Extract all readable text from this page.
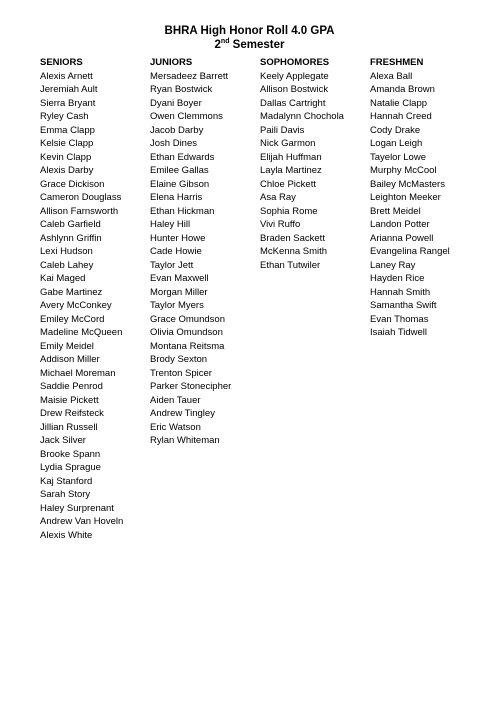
BHRA High Honor Roll 4.0 GPA
2nd Semester
SENIORS
Alexis Arnett
Jeremiah Ault
Sierra Bryant
Ryley Cash
Emma Clapp
Kelsie Clapp
Kevin Clapp
Alexis Darby
Grace Dickison
Cameron Douglass
Allison Farnsworth
Caleb Garfield
Ashlynn Griffin
Lexi Hudson
Caleb Lahey
Kai Maged
Gabe Martinez
Avery McConkey
Emiley McCord
Madeline McQueen
Emily Meidel
Addison Miller
Michael Moreman
Saddie Penrod
Maisie Pickett
Drew Reifsteck
Jillian Russell
Jack Silver
Brooke Spann
Lydia Sprague
Kaj Stanford
Sarah Story
Haley Surprenant
Andrew Van Hoveln
Alexis White
JUNIORS
Mersadeez Barrett
Ryan Bostwick
Dyani Boyer
Owen Clemmons
Jacob Darby
Josh Dines
Ethan Edwards
Emilee Gallas
Elaine Gibson
Elena Harris
Ethan Hickman
Haley Hill
Hunter Howe
Cade Howie
Taylor Jett
Evan Maxwell
Morgan Miller
Taylor Myers
Grace Omundson
Olivia Omundson
Montana Reitsma
Brody Sexton
Trenton Spicer
Parker Stonecipher
Aiden Tauer
Andrew Tingley
Eric Watson
Rylan Whiteman
SOPHOMORES
Keely Applegate
Allison Bostwick
Dallas Cartright
Madalynn Chochola
Paili Davis
Nick Garmon
Elijah Huffman
Layla Martinez
Chloe Pickett
Asa Ray
Sophia Rome
Vivi Ruffo
Braden Sackett
McKenna Smith
Ethan Tutwiler
FRESHMEN
Alexa Ball
Amanda Brown
Natalie Clapp
Hannah Creed
Cody Drake
Logan Leigh
Tayelor Lowe
Murphy McCool
Bailey McMasters
Leighton Meeker
Brett Meidel
Landon Potter
Arianna Powell
Evangelina Rangel
Laney Ray
Hayden Rice
Hannah Smith
Samantha Swift
Evan Thomas
Isaiah Tidwell
